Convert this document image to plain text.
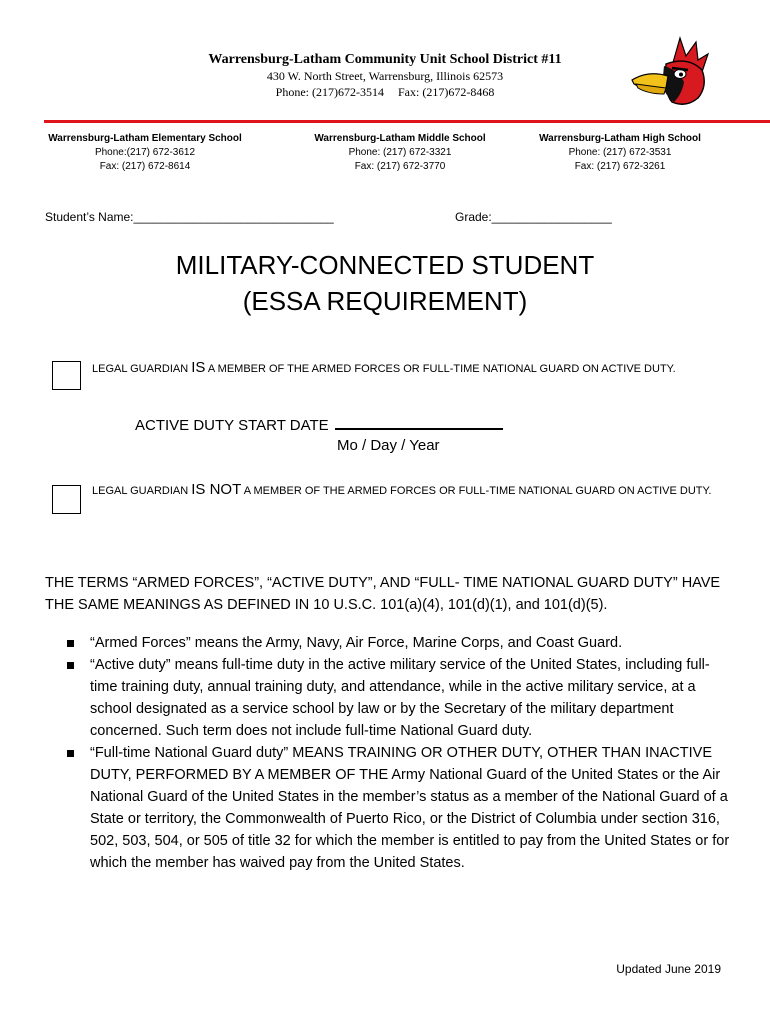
Warrensburg-Latham Community Unit School District #11
430 W. North Street, Warrensburg, Illinois 62573
Phone: (217)672-3514 Fax: (217)672-8468
Warrensburg-Latham Elementary School
Phone:(217) 672-3612
Fax: (217) 672-8614
Warrensburg-Latham Middle School
Phone: (217) 672-3321
Fax: (217) 672-3770
Warrensburg-Latham High School
Phone: (217) 672-3531
Fax: (217) 672-3261
Student’s Name:______________________________	Grade:__________________
MILITARY-CONNECTED STUDENT
(ESSA REQUIREMENT)
LEGAL GUARDIAN IS A MEMBER OF THE ARMED FORCES OR FULL-TIME NATIONAL GUARD ON ACTIVE DUTY.
ACTIVE DUTY START DATE
Mo / Day / Year
LEGAL GUARDIAN IS NOT A MEMBER OF THE ARMED FORCES OR FULL-TIME NATIONAL GUARD ON ACTIVE DUTY.
THE TERMS “ARMED FORCES”, “ACTIVE DUTY”, AND “FULL- TIME NATIONAL GUARD DUTY” HAVE THE SAME MEANINGS AS DEFINED IN 10 U.S.C. 101(a)(4), 101(d)(1), and 101(d)(5).
“Armed Forces” means the Army, Navy, Air Force, Marine Corps, and Coast Guard.
“Active duty” means full-time duty in the active military service of the United States, including full-time training duty, annual training duty, and attendance, while in the active military service, at a school designated as a service school by law or by the Secretary of the military department concerned. Such term does not include full-time National Guard duty.
“Full-time National Guard duty” MEANS TRAINING OR OTHER DUTY, OTHER THAN INACTIVE DUTY, PERFORMED BY A MEMBER OF THE Army National Guard of the United States or the Air National Guard of the United States in the member’s status as a member of the National Guard of a State or territory, the Commonwealth of Puerto Rico, or the District of Columbia under section 316, 502, 503, 504, or 505 of title 32 for which the member is entitled to pay from the United States or for which the member has waived pay from the United States.
Updated June 2019
